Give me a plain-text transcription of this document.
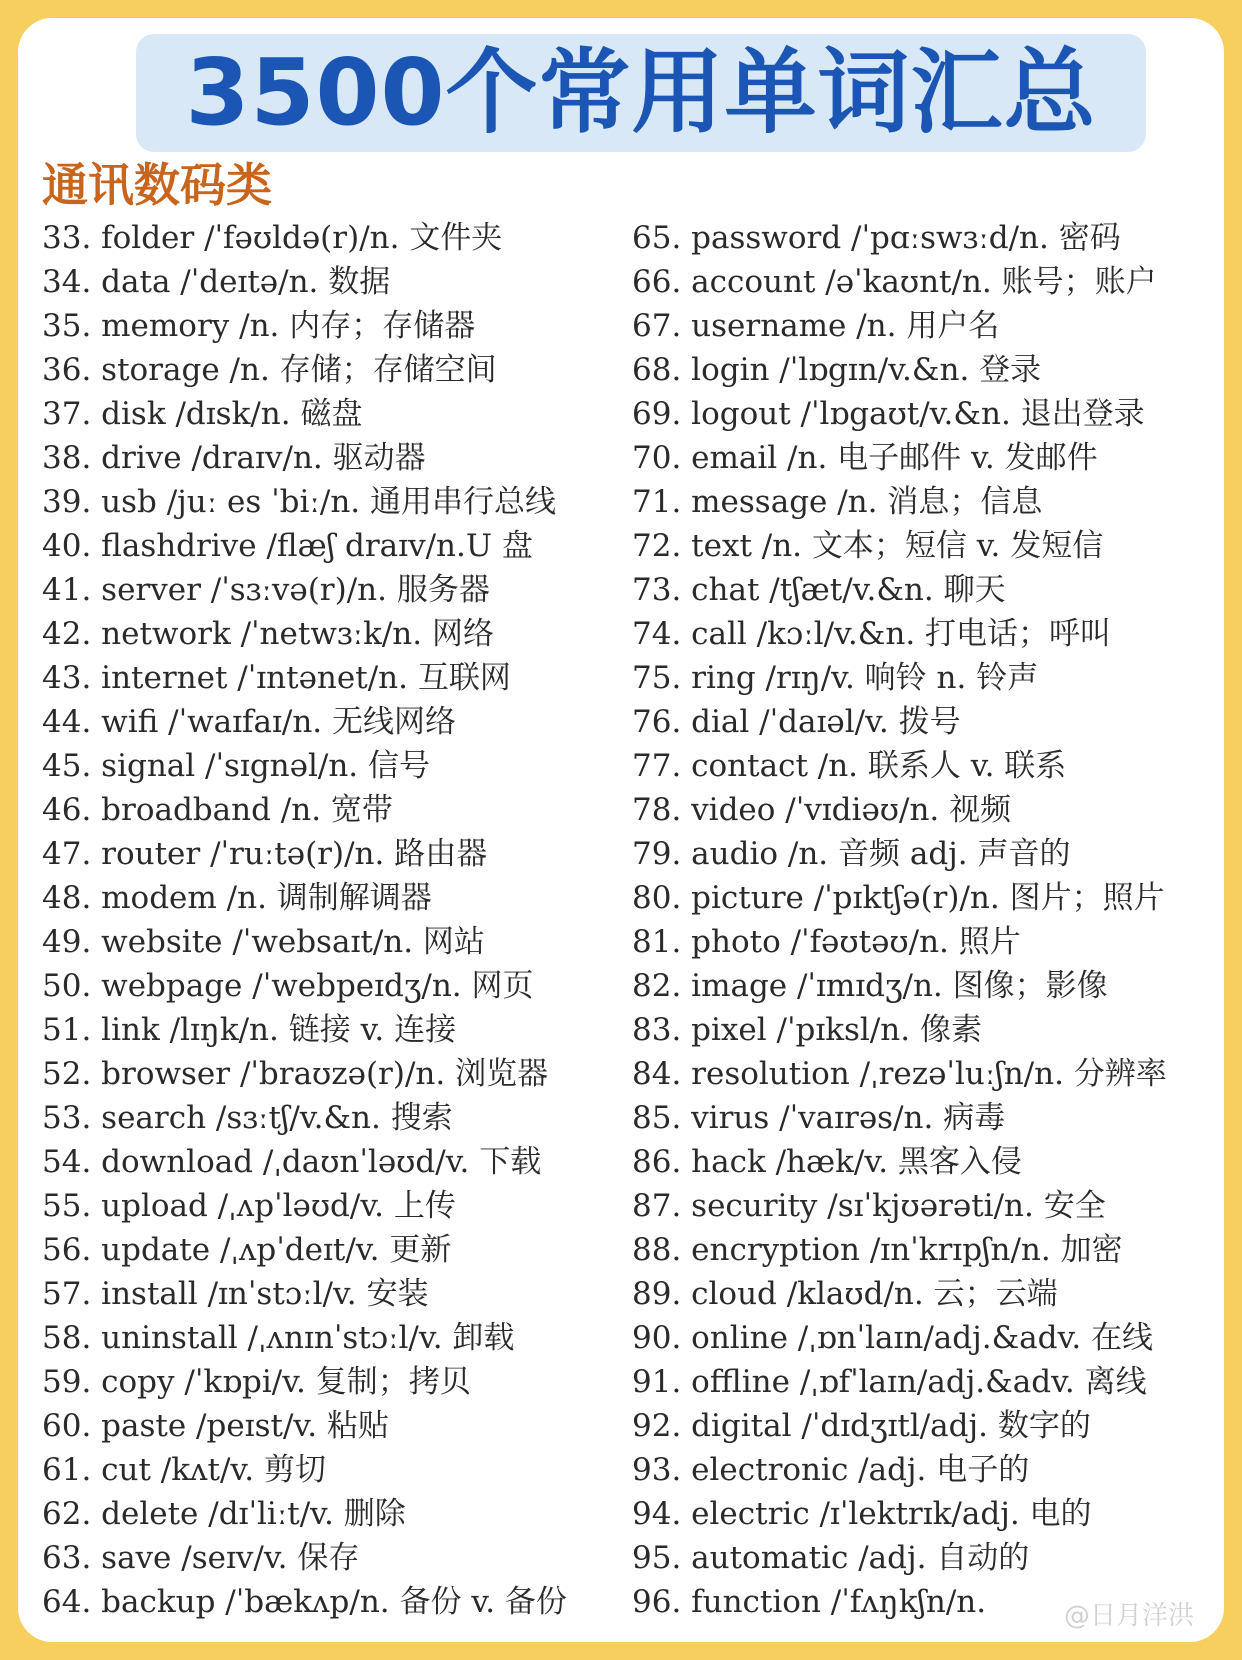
3500个常用单词汇总
通讯数码类
33. folder /ˈfəʊldə(r)/n. 文件夹
34. data /ˈdeɪtə/n. 数据
35. memory /n. 内存；存储器
36. storage /n. 存储；存储空间
37. disk /dɪsk/n. 磁盘
38. drive /draɪv/n. 驱动器
39. usb /juː es ˈbiː/n. 通用串行总线
40. flashdrive /flæʃ draɪv/n.U 盘
41. server /ˈsɜːvə(r)/n. 服务器
42. network /ˈnetwɜːk/n. 网络
43. internet /ˈɪntənet/n. 互联网
44. wifi /ˈwaɪfaɪ/n. 无线网络
45. signal /ˈsɪgnəl/n. 信号
46. broadband /n. 宽带
47. router /ˈruːtə(r)/n. 路由器
48. modem /n. 调制解调器
49. website /ˈwebsaɪt/n. 网站
50. webpage /ˈwebpeɪdʒ/n. 网页
51. link /lɪŋk/n. 链接 v. 连接
52. browser /ˈbraʊzə(r)/n. 浏览器
53. search /sɜːtʃ/v.&n. 搜索
54. download /ˌdaʊnˈləʊd/v. 下载
55. upload /ˌʌpˈləʊd/v. 上传
56. update /ˌʌpˈdeɪt/v. 更新
57. install /ɪnˈstɔːl/v. 安装
58. uninstall /ˌʌnɪnˈstɔːl/v. 卸载
59. copy /ˈkɒpi/v. 复制；拷贝
60. paste /peɪst/v. 粘贴
61. cut /kʌt/v. 剪切
62. delete /dɪˈliːt/v. 删除
63. save /seɪv/v. 保存
64. backup /ˈbækʌp/n. 备份 v. 备份
65. password /ˈpɑːswɜːd/n. 密码
66. account /əˈkaʊnt/n. 账号；账户
67. username /n. 用户名
68. login /ˈlɒgɪn/v.&n. 登录
69. logout /ˈlɒgaʊt/v.&n. 退出登录
70. email /n. 电子邮件 v. 发邮件
71. message /n. 消息；信息
72. text /n. 文本；短信 v. 发短信
73. chat /tʃæt/v.&n. 聊天
74. call /kɔːl/v.&n. 打电话；呼叫
75. ring /rɪŋ/v. 响铃 n. 铃声
76. dial /ˈdaɪəl/v. 拨号
77. contact /n. 联系人 v. 联系
78. video /ˈvɪdiəʊ/n. 视频
79. audio /n. 音频 adj. 声音的
80. picture /ˈpɪktʃə(r)/n. 图片；照片
81. photo /ˈfəʊtəʊ/n. 照片
82. image /ˈɪmɪdʒ/n. 图像；影像
83. pixel /ˈpɪksl/n. 像素
84. resolution /ˌrezəˈluːʃn/n. 分辨率
85. virus /ˈvaɪrəs/n. 病毒
86. hack /hæk/v. 黑客入侵
87. security /sɪˈkjʊərəti/n. 安全
88. encryption /ɪnˈkrɪpʃn/n. 加密
89. cloud /klaʊd/n. 云；云端
90. online /ˌɒnˈlaɪn/adj.&adv. 在线
91. offline /ˌɒfˈlaɪn/adj.&adv. 离线
92. digital /ˈdɪdʒɪtl/adj. 数字的
93. electronic /adj. 电子的
94. electric /ɪˈlektrɪk/adj. 电的
95. automatic /adj. 自动的
96. function /ˈfʌŋkʃn/n.	@日月洋洪
